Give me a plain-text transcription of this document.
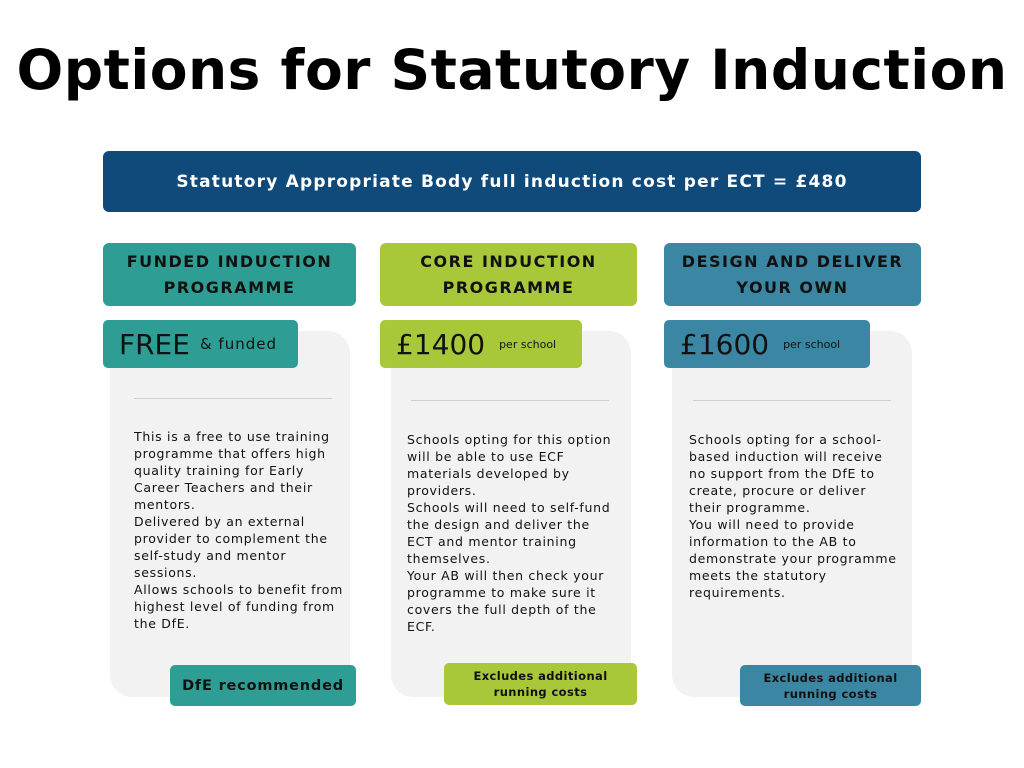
Options for Statutory Induction
Statutory Appropriate Body full induction cost per ECT = £480
FUNDED INDUCTION
PROGRAMME
FREE & funded

This is a free to use training programme that offers high quality training for Early Career Teachers and their mentors.

Delivered by an external provider to complement the self-study and mentor sessions.

Allows schools to benefit from highest level of funding from the DfE.

DfE recommended
CORE INDUCTION
PROGRAMME
£1400 per school

Schools opting for this option will be able to use ECF materials developed by providers.

Schools will need to self-fund the design and deliver the ECT and mentor training themselves.

Your AB will then check your programme to make sure it covers the full depth of the ECF.

Excludes additional
running costs
DESIGN AND DELIVER
YOUR OWN
£1600 per school

Schools opting for a school-based induction will receive no support from the DfE to create, procure or deliver their programme.

You will need to provide information to the AB to demonstrate your programme meets the statutory requirements.

Excludes additional
running costs
